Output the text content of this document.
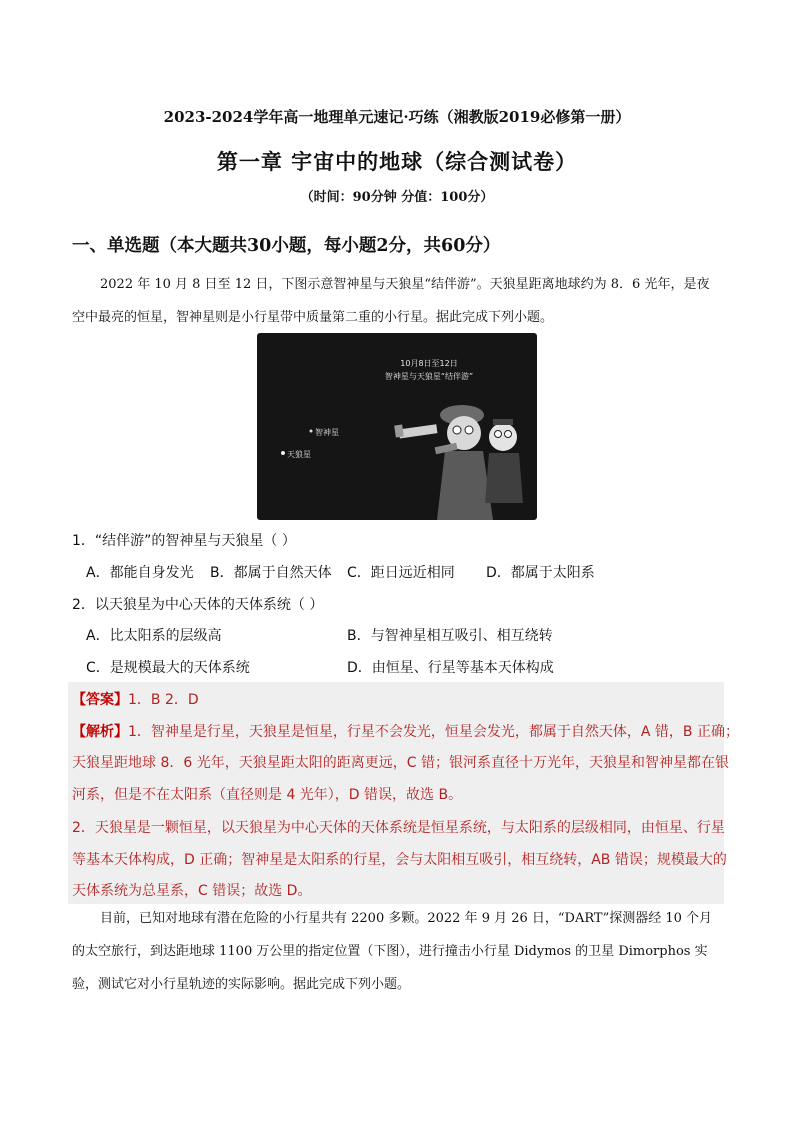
2023-2024学年高一地理单元速记·巧练（湘教版2019必修第一册）
第一章 宇宙中的地球（综合测试卷）
（时间：90分钟 分值：100分）
一、单选题（本大题共30小题，每小题2分，共60分）
2022 年 10 月 8 日至 12 日，下图示意智神星与天狼星“结伴游”。天狼星距离地球约为 8．6 光年，是夜
空中最亮的恒星，智神星则是小行星带中质量第二重的小行星。据此完成下列小题。
10月8日至12日
智神星与天狼星“结伴游”
智神星
天狼星
1．“结伴游”的智神星与天狼星（ ）
A．都能自身发光 B．都属于自然天体 C．距日远近相同 D．都属于太阳系
2．以天狼星为中心天体的天体系统（ ）
A．比太阳系的层级高	B．与智神星相互吸引、相互绕转
C．是规模最大的天体系统	D．由恒星、行星等基本天体构成
【答案】1．B 2．D
【解析】1．智神星是行星，天狼星是恒星，行星不会发光，恒星会发光，都属于自然天体，A 错，B 正确；
天狼星距地球 8．6 光年，天狼星距太阳的距离更远，C 错；银河系直径十万光年，天狼星和智神星都在银
河系，但是不在太阳系（直径则是 4 光年），D 错误，故选 B。
2．天狼星是一颗恒星，以天狼星为中心天体的天体系统是恒星系统，与太阳系的层级相同，由恒星、行星
等基本天体构成，D 正确；智神星是太阳系的行星，会与太阳相互吸引，相互绕转，AB 错误；规模最大的
天体系统为总星系，C 错误；故选 D。
目前，已知对地球有潜在危险的小行星共有 2200 多颗。2022 年 9 月 26 日，“DART”探测器经 10 个月
的太空旅行，到达距地球 1100 万公里的指定位置（下图），进行撞击小行星 Didymos 的卫星 Dimorphos 实
验，测试它对小行星轨迹的实际影响。据此完成下列小题。
